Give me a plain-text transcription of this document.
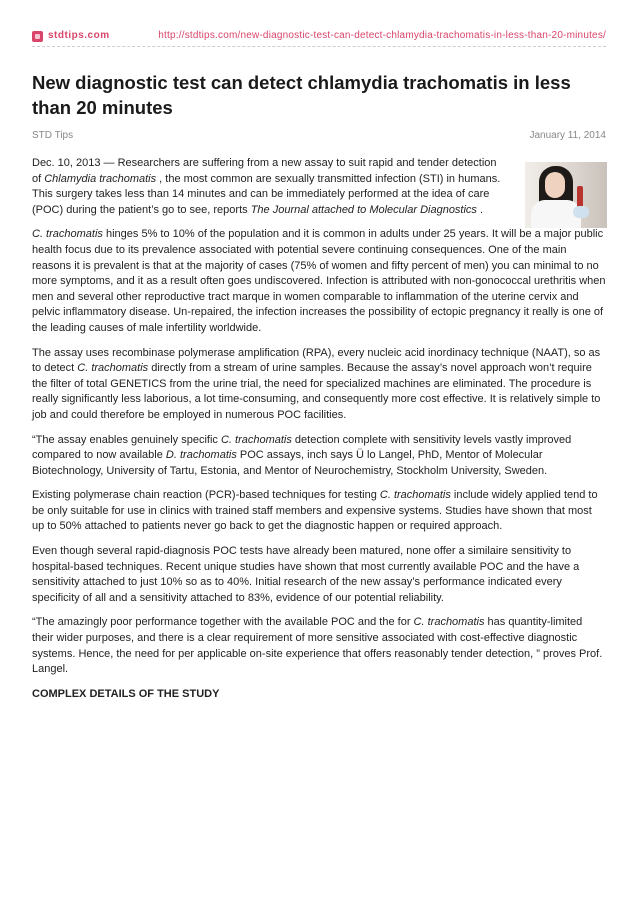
stdtips.com	http://stdtips.com/new-diagnostic-test-can-detect-chlamydia-trachomatis-in-less-than-20-minutes/
New diagnostic test can detect chlamydia trachomatis in less than 20 minutes
STD Tips	January 11, 2014

Dec. 10, 2013 — Researchers are suffering from a new assay to suit rapid and tender detection of Chlamydia trachomatis , the most common are sexually transmitted infection (STI) in humans. This surgery takes less than 14 minutes and can be immediately performed at the idea of care (POC) during the patient’s go to see, reports The Journal attached to Molecular Diagnostics .

C. trachomatis hinges 5% to 10% of the population and it is common in adults under 25 years. It will be a major public health focus due to its prevalence associated with potential severe continuing consequences. One of the main reasons it is prevalent is that at the majority of cases (75% of women and fifty percent of men) you can minimal to no more symptoms, and it as a result often goes undiscovered. Infection is attributed with non-gonococcal urethritis when men and several other reproductive tract marque in women comparable to inflammation of the uterine cervix and pelvic inflammatory disease. Un-repaired, the infection increases the possibility of ectopic pregnancy it really is one of the leading causes of male infertility worldwide.

The assay uses recombinase polymerase amplification (RPA), every nucleic acid inordinacy technique (NAAT), so as to detect C. trachomatis directly from a stream of urine samples. Because the assay’s novel approach won’t require the filter of total GENETICS from the urine trial, the need for specialized machines are eliminated. The procedure is really significantly less laborious, a lot time-consuming, and consequently more cost effective. It is relatively simple to job and could therefore be employed in numerous POC facilities.

“The assay enables genuinely specific C. trachomatis detection complete with sensitivity levels vastly improved compared to now available D. trachomatis POC assays, inch says Ü lo Langel, PhD, Mentor of Molecular Biotechnology, University of Tartu, Estonia, and Mentor of Neurochemistry, Stockholm University, Sweden.

Existing polymerase chain reaction (PCR)-based techniques for testing C. trachomatis include widely applied tend to be only suitable for use in clinics with trained staff members and expensive systems. Studies have shown that most up to 50% attached to patients never go back to get the diagnostic happen or required approach.

Even though several rapid-diagnosis POC tests have already been matured, none offer a similaire sensitivity to hospital-based techniques. Recent unique studies have shown that most currently available POC and the have a sensitivity attached to just 10% so as to 40%. Initial research of the new assay’s performance indicated every specificity of all and a sensitivity attached to 83%, evidence of our potential reliability.

“The amazingly poor performance together with the available POC and the for C. trachomatis has quantity-limited their wider purposes, and there is a clear requirement of more sensitive associated with cost-effective diagnostic systems. Hence, the need for per applicable on-site experience that offers reasonably tender detection, ” proves Prof. Langel.

COMPLEX DETAILS OF THE STUDY
